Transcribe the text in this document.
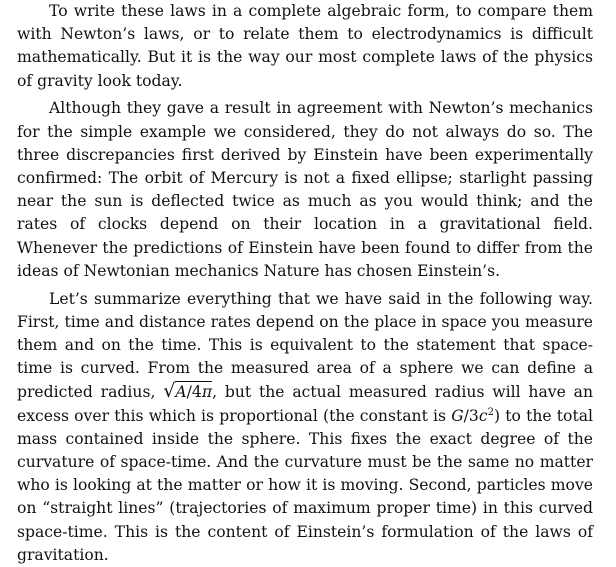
To write these laws in a complete algebraic form, to compare them with Newton’s laws, or to relate them to electrodynamics is difficult mathematically. But it is the way our most complete laws of the physics of gravity look today.

Although they gave a result in agreement with Newton’s mechanics for the simple example we considered, they do not always do so. The three discrepancies first derived by Einstein have been experimentally confirmed: The orbit of Mercury is not a fixed ellipse; starlight passing near the sun is deflected twice as much as you would think; and the rates of clocks depend on their location in a gravitational field. Whenever the predictions of Einstein have been found to differ from the ideas of Newtonian mechanics Nature has chosen Einstein’s.

Let’s summarize everything that we have said in the following way. First, time and distance rates depend on the place in space you measure them and on the time. This is equivalent to the statement that space-time is curved. From the measured area of a sphere we can define a predicted radius, √A/4π, but the actual measured radius will have an excess over this which is proportional (the constant is $G/3c^2$) to the total mass contained inside the sphere. This fixes the exact degree of the curvature of space-time. And the curvature must be the same no matter who is looking at the matter or how it is moving. Second, particles move on “straight lines” (trajectories of maximum proper time) in this curved space-time. This is the content of Einstein’s formulation of the laws of gravitation.
